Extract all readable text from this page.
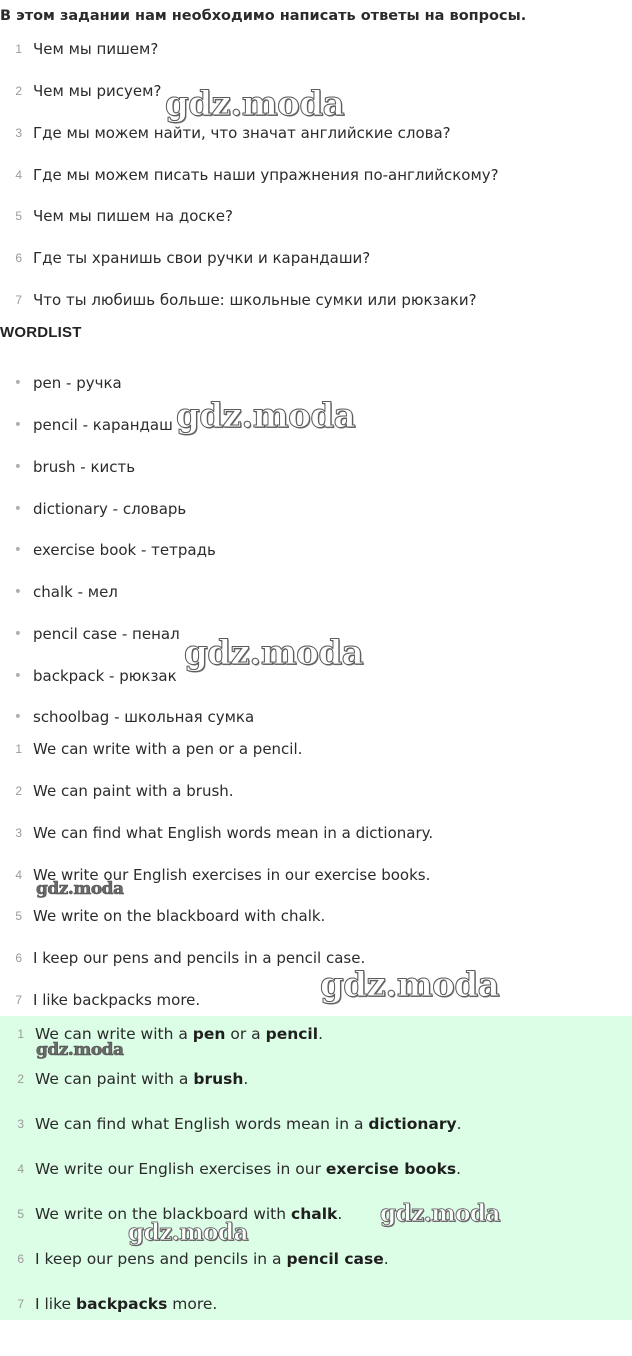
В этом задании нам необходимо написать ответы на вопросы.
1 Чем мы пишем?
2 Чем мы рисуем?
3 Где мы можем найти, что значат английские слова?
4 Где мы можем писать наши упражнения по-английскому?
5 Чем мы пишем на доске?
6 Где ты хранишь свои ручки и карандаши?
7 Что ты любишь больше: школьные сумки или рюкзаки?
WORDLIST
• pen - ручка
• pencil - карандаш
• brush - кисть
• dictionary - словарь
• exercise book - тетрадь
• chalk - мел
• pencil case - пенал
• backpack - рюкзак
• schoolbag - школьная сумка
1 We can write with a pen or a pencil.
2 We can paint with a brush.
3 We can find what English words mean in a dictionary.
4 We write our English exercises in our exercise books.
5 We write on the blackboard with chalk.
6 I keep our pens and pencils in a pencil case.
7 I like backpacks more.
1 We can write with a pen or a pencil.
2 We can paint with a brush.
3 We can find what English words mean in a dictionary.
4 We write our English exercises in our exercise books.
5 We write on the blackboard with chalk.
6 I keep our pens and pencils in a pencil case.
7 I like backpacks more.
gdz.moda
gdz.moda
gdz.moda
gdz.moda
gdz.moda
gdz.moda
gdz.moda
gdz.moda
